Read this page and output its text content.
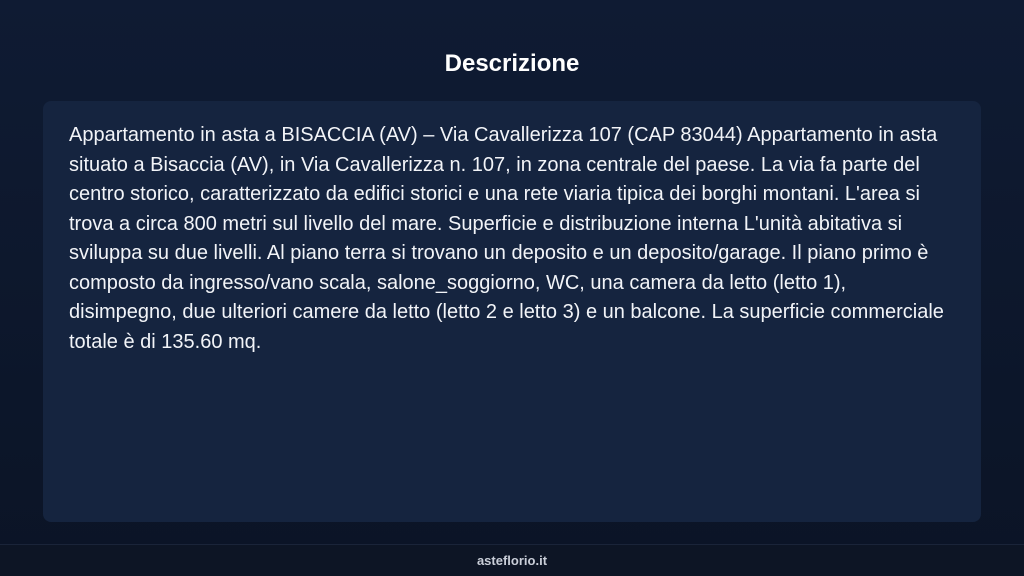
Descrizione

Appartamento in asta a BISACCIA (AV) – Via Cavallerizza 107 (CAP 83044) Appartamento in asta situato a Bisaccia (AV), in Via Cavallerizza n. 107, in zona centrale del paese. La via fa parte del centro storico, caratterizzato da edifici storici e una rete viaria tipica dei borghi montani. L'area si trova a circa 800 metri sul livello del mare. Superficie e distribuzione interna L'unità abitativa si sviluppa su due livelli. Al piano terra si trovano un deposito e un deposito/garage. Il piano primo è composto da ingresso/vano scala, salone_soggiorno, WC, una camera da letto (letto 1), disimpegno, due ulteriori camere da letto (letto 2 e letto 3) e un balcone. La superficie commerciale totale è di 135.60 mq.

asteflorio.it
